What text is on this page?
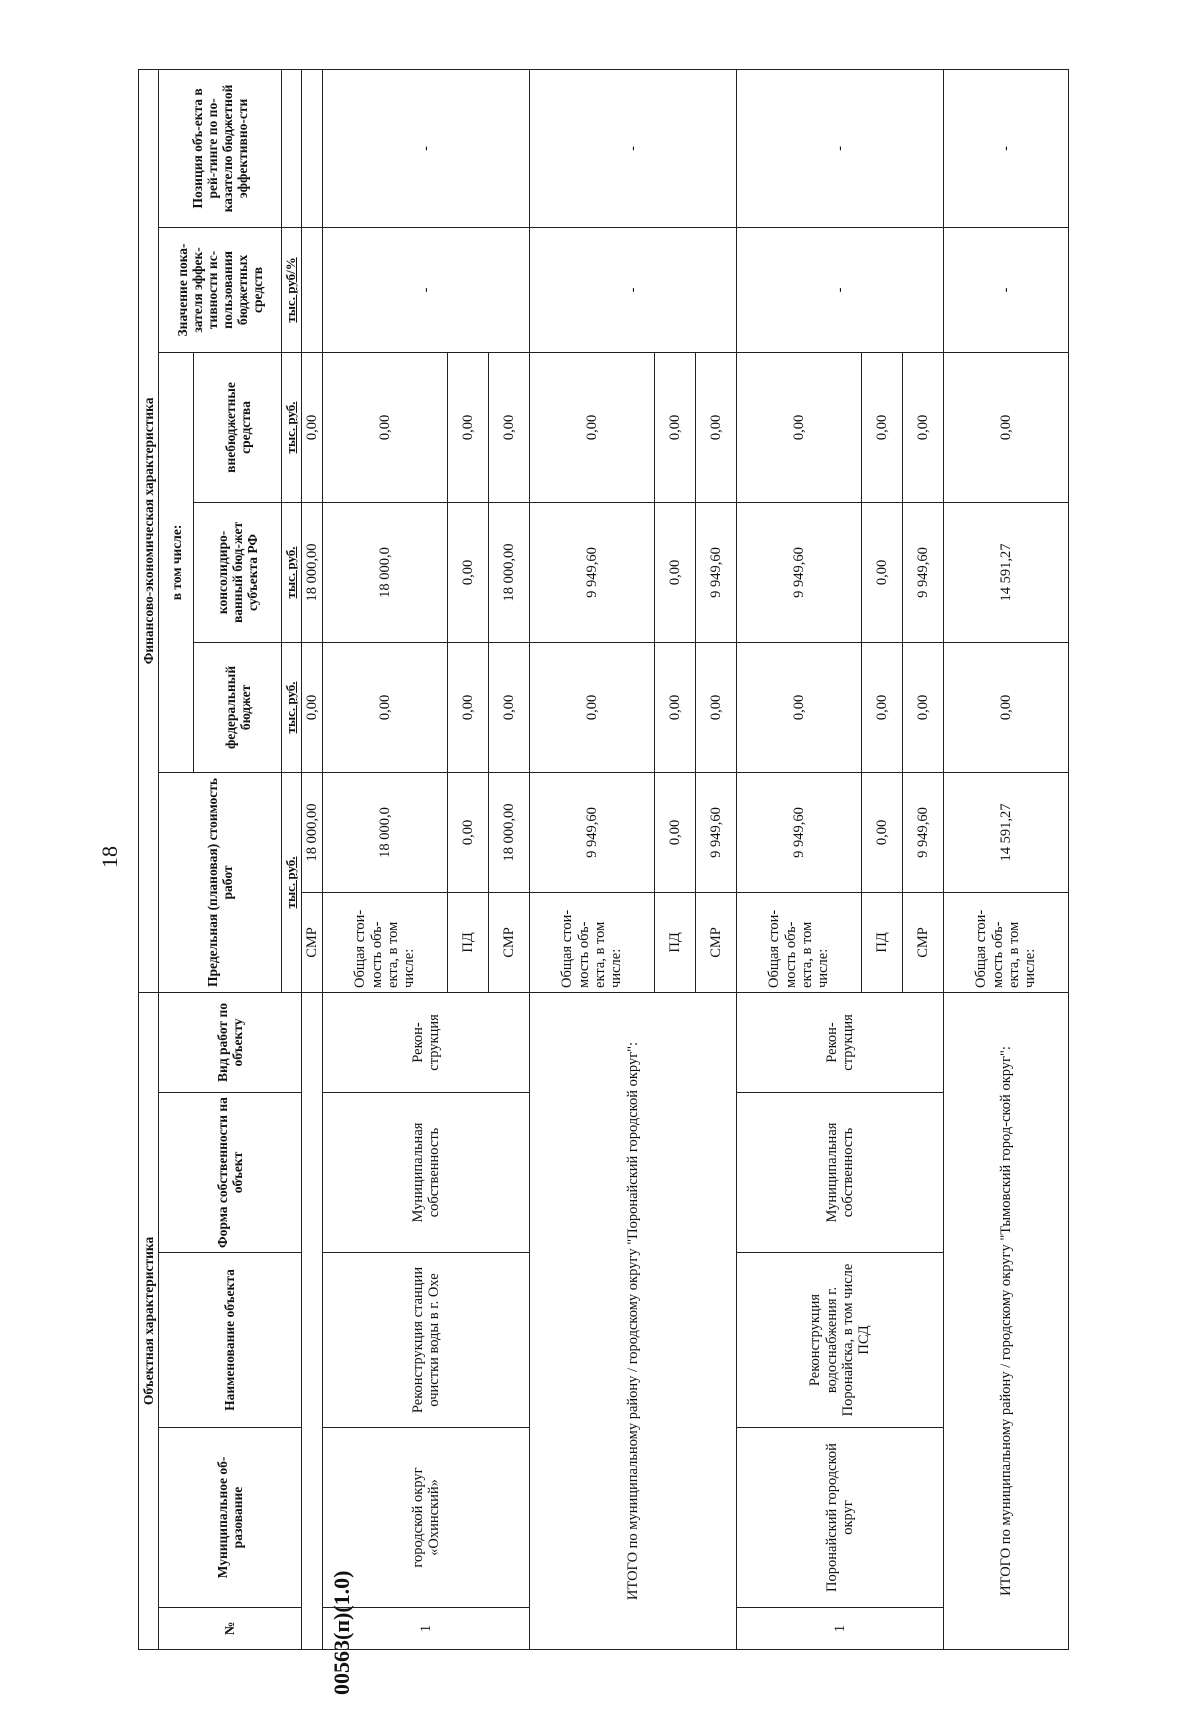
18
00563(п)(1.0)
Объектная характеристика					Финансово-экономическая характеристика						
№	Муниципальное об-разование	Наименование объекта	Форма собственности на объект	Вид работ по объекту	Предельная (плановая) стоимость работ		в том числе:			Значение пока-зателя эффек-тивности ис-пользования бюджетных средств	Позиция объ-екта в рей-тинге по по-казателю бюджетной эффективно-сти
							федеральный бюджет	консолидиро-ванный бюд-жет субъекта РФ	внебюджетные средства		
					тыс. руб.		тыс. руб.	тыс. руб.	тыс. руб.	тыс. руб/%	
					СМР	18 000,00	0,00	18 000,00	0,00		
1	городской округ «Охинский»	Реконструкция станции очистки воды в г. Охе	Муниципальная собственность	Рекон-струкция	Общая стои-мость объ-екта, в том числе:	18 000,0	0,00	18 000,0	0,00	-	-
					ПД	0,00	0,00	0,00	0,00		
					СМР	18 000,00	0,00	18 000,00	0,00		
ИТОГО по муниципальному району / городскому округу "Поронайский городской округ":					Общая стои-мость объ-екта, в том числе:	9 949,60	0,00	9 949,60	0,00	-	-
					ПД	0,00	0,00	0,00	0,00		
					СМР	9 949,60	0,00	9 949,60	0,00		
1	Поронайский городской округ	Реконструкция водоснабжения г. Поронайска, в том числе ПСД	Муниципальная собственность	Рекон-струкция	Общая стои-мость объ-екта, в том числе:	9 949,60	0,00	9 949,60	0,00	-	-
					ПД	0,00	0,00	0,00	0,00		
					СМР	9 949,60	0,00	9 949,60	0,00		
ИТОГО по муниципальному району / городскому округу "Тымовский город-ской округ":					Общая стои-мость объ-екта, в том числе:	14 591,27	0,00	14 591,27	0,00	-	-
